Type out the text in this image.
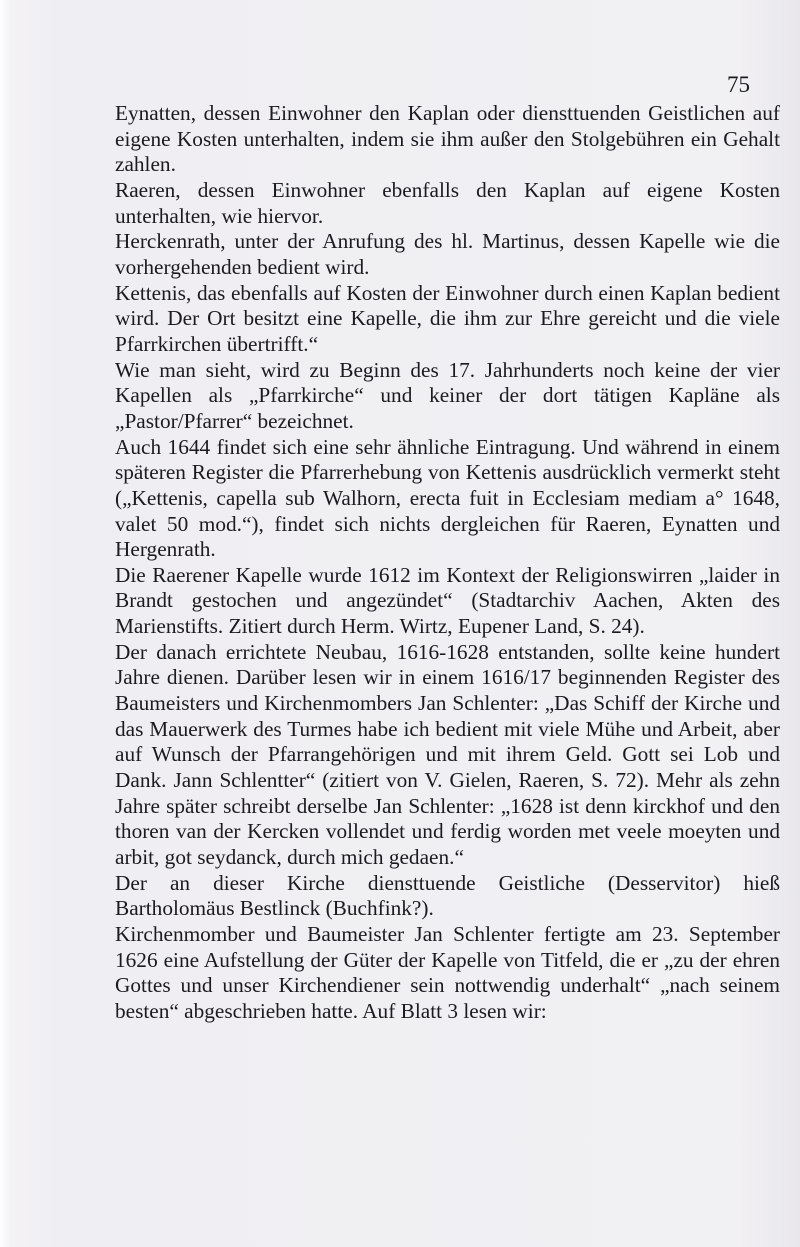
75

Eynatten, dessen Einwohner den Kaplan oder diensttuenden Geistlichen auf eigene Kosten unterhalten, indem sie ihm außer den Stolgebühren ein Gehalt zahlen.

Raeren, dessen Einwohner ebenfalls den Kaplan auf eigene Kosten unterhalten, wie hiervor.

Herckenrath, unter der Anrufung des hl. Martinus, dessen Kapelle wie die vorhergehenden bedient wird.

Kettenis, das ebenfalls auf Kosten der Einwohner durch einen Kaplan bedient wird. Der Ort besitzt eine Kapelle, die ihm zur Ehre gereicht und die viele Pfarrkirchen übertrifft.“

Wie man sieht, wird zu Beginn des 17. Jahrhunderts noch keine der vier Kapellen als „Pfarrkirche“ und keiner der dort tätigen Kapläne als „Pastor/Pfarrer“ bezeichnet.

Auch 1644 findet sich eine sehr ähnliche Eintragung. Und während in einem späteren Register die Pfarrerhebung von Kettenis ausdrücklich vermerkt steht („Kettenis, capella sub Walhorn, erecta fuit in Ecclesiam mediam a° 1648, valet 50 mod.“), findet sich nichts dergleichen für Raeren, Eynatten und Hergenrath.

Die Raerener Kapelle wurde 1612 im Kontext der Religionswirren „laider in Brandt gestochen und angezündet“ (Stadtarchiv Aachen, Akten des Marienstifts. Zitiert durch Herm. Wirtz, Eupener Land, S. 24).

Der danach errichtete Neubau, 1616-1628 entstanden, sollte keine hundert Jahre dienen. Darüber lesen wir in einem 1616/17 beginnenden Register des Baumeisters und Kirchenmombers Jan Schlenter: „Das Schiff der Kirche und das Mauerwerk des Turmes habe ich bedient mit viele Mühe und Arbeit, aber auf Wunsch der Pfarrangehörigen und mit ihrem Geld. Gott sei Lob und Dank. Jann Schlentter“ (zitiert von V. Gielen, Raeren, S. 72). Mehr als zehn Jahre später schreibt derselbe Jan Schlenter: „1628 ist denn kirckhof und den thoren van der Kercken vollendet und ferdig worden met veele moeyten und arbit, got seydanck, durch mich gedaen.“

Der an dieser Kirche diensttuende Geistliche (Desservitor) hieß Bartholomäus Bestlinck (Buchfink?).

Kirchenmomber und Baumeister Jan Schlenter fertigte am 23. September 1626 eine Aufstellung der Güter der Kapelle von Titfeld, die er „zu der ehren Gottes und unser Kirchendiener sein nottwendig underhalt“ „nach seinem besten“ abgeschrieben hatte. Auf Blatt 3 lesen wir:
